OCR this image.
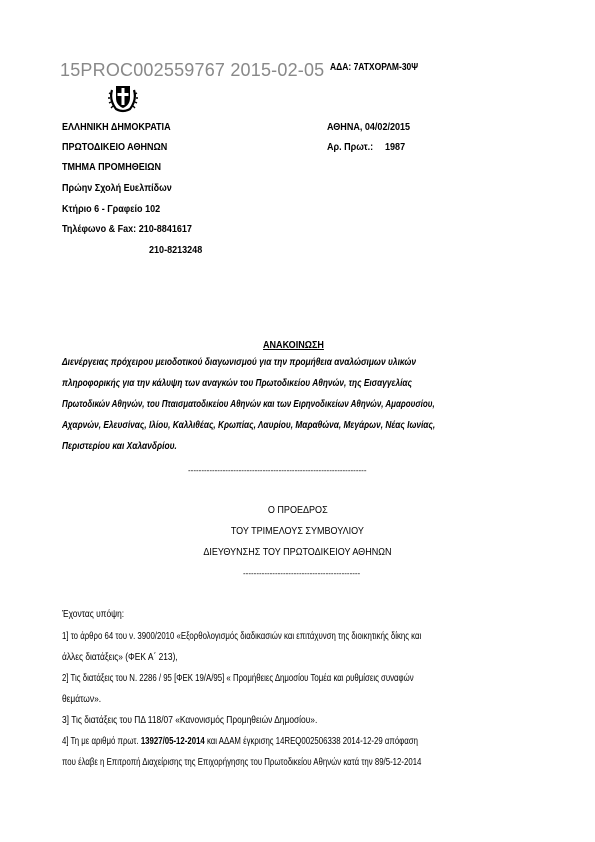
15PROC002559767 2015-02-05 ΑΔΑ: 7ΑΤΧΟΡΛΜ-30Ψ
ΕΛΛΗΝΙΚΗ ΔΗΜΟΚΡΑΤΙΑ
ΠΡΩΤΟΔΙΚΕΙΟ ΑΘΗΝΩΝ
ΤΜΗΜΑ ΠΡΟΜΗΘΕΙΩΝ
Πρώην Σχολή Ευελπίδων
Κτήριο 6 - Γραφείο 102
Τηλέφωνο & Fax: 210-8841617
210-8213248
ΑΘΗΝΑ, 04/02/2015
Αρ. Πρωτ.: 1987
ΑΝΑΚΟΙΝΩΣΗ
Διενέργειας πρόχειρου μειοδοτικού διαγωνισμού για την προμήθεια αναλώσιμων υλικών
πληροφορικής για την κάλυψη των αναγκών του Πρωτοδικείου Αθηνών, της Εισαγγελίας
Πρωτοδικών Αθηνών, του Πταισματοδικείου Αθηνών και των Ειρηνοδικείων Αθηνών, Αμαρουσίου,
Αχαρνών, Ελευσίνας, Ιλίου, Καλλιθέας, Κρωπίας, Λαυρίου, Μαραθώνα, Μεγάρων, Νέας Ιωνίας,
Περιστερίου και Χαλανδρίου.
-------------------------------------------------------------------
Ο ΠΡΟΕΔΡΟΣ
ΤΟΥ ΤΡΙΜΕΛΟΥΣ ΣΥΜΒΟΥΛΙΟΥ
ΔΙΕΥΘΥΝΣΗΣ ΤΟΥ ΠΡΩΤΟΔΙΚΕΙΟΥ ΑΘΗΝΩΝ
--------------------------------------------
Έχοντας υπόψη:
1] το άρθρο 64 του ν. 3900/2010 «Εξορθολογισμός διαδικασιών και επιτάχυνση της διοικητικής δίκης και
άλλες διατάξεις» (ΦΕΚ Α΄ 213),
2] Τις διατάξεις του Ν. 2286 / 95 [ΦΕΚ 19/Α/95] « Προμήθειες Δημοσίου Τομέα και ρυθμίσεις συναφών
θεμάτων».
3] Τις διατάξεις του ΠΔ 118/07 «Κανονισμός Προμηθειών Δημοσίου».
4] Τη με αριθμό πρωτ. 13927/05-12-2014 και ΑΔΑΜ έγκρισης 14REQ002506338 2014-12-29 απόφαση
που έλαβε η Επιτροπή Διαχείρισης της Επιχορήγησης του Πρωτοδικείου Αθηνών κατά την 89/5-12-2014
